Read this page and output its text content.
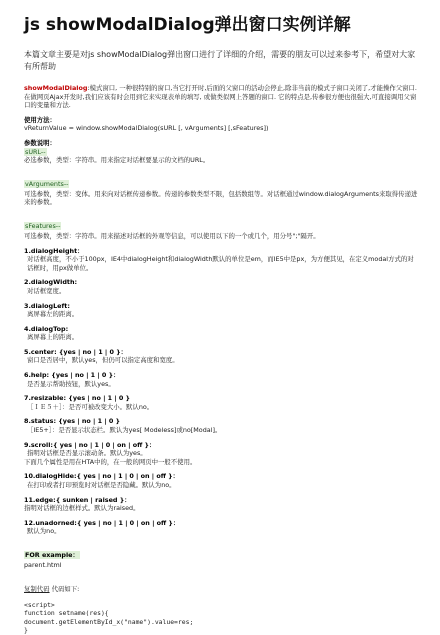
js showModalDialog弹出窗口实例详解

本篇文章主要是对js showModalDialog弹出窗口进行了详细的介绍，需要的朋友可以过来参考下，希望对大家有所帮助

showModalDialog:模式窗口, 一种很特别的窗口,当它打开时,后面的父窗口的活动会停止,除非当前的模式子窗口关闭了,才能操作父窗口.在做网页Ajax开发时,我们应该有时会用到它来实现表单的填写, 或做类似网上答题的窗口. 它的特点是,传参很方便也很强大,可直接调用父窗口的变量和方法.

使用方法：
vReturnValue = window.showModalDialog(sURL [, vArguments] [,sFeatures])
参数说明：
sURL--
必选参数，类型：字符串。用来指定对话框要显示的文档的URL。
vArguments--
可选参数，类型：变体。用来向对话框传递参数。传递的参数类型不限，包括数组等。对话框通过window.dialogArguments来取得传递进来的参数。
sFeatures--
可选参数，类型：字符串。用来描述对话框的外观等信息，可以使用以下的一个或几个，用分号";"隔开。
1.dialogHeight：
对话框高度，不小于100px，IE4中dialogHeight和dialogWidth默认的单位是em，而IE5中是px，为方便其见，在定义modal方式的对话框时，用px做单位。
2.dialogWidth:
对话框宽度。
3.dialogLeft:
离屏幕左的距离。
4.dialogTop:
离屏幕上的距离。
5.center: {yes | no | 1 | 0 }：
窗口是否居中，默认yes，但仍可以指定高度和宽度。
6.help: {yes | no | 1 | 0 }：
是否显示帮助按钮，默认yes。
7.resizable: {yes | no | 1 | 0 }
［ＩＥ５＋］：是否可被改变大小。默认no。
8.status: {yes | no | 1 | 0 }
［IE5+］：是否显示状态栏。默认为yes[ Modeless]或no[Modal]。
9.scroll:{ yes | no | 1 | 0 | on | off }：
指明对话框是否显示滚动条。默认为yes。
下面几个属性是用在HTA中的，在一般的网页中一般不使用。
10.dialogHide:{ yes | no | 1 | 0 | on | off }：
在打印或者打印预览时对话框是否隐藏。默认为no。
11.edge:{ sunken | raised }：
指明对话框的边框样式。默认为raised。
12.unadorned:{ yes | no | 1 | 0 | on | off }：
默认为no。
FOR example：
parent.html
复制代码 代码如下:
<script>
function setname(res){
document.getElementById_x("name").value=res;
}
